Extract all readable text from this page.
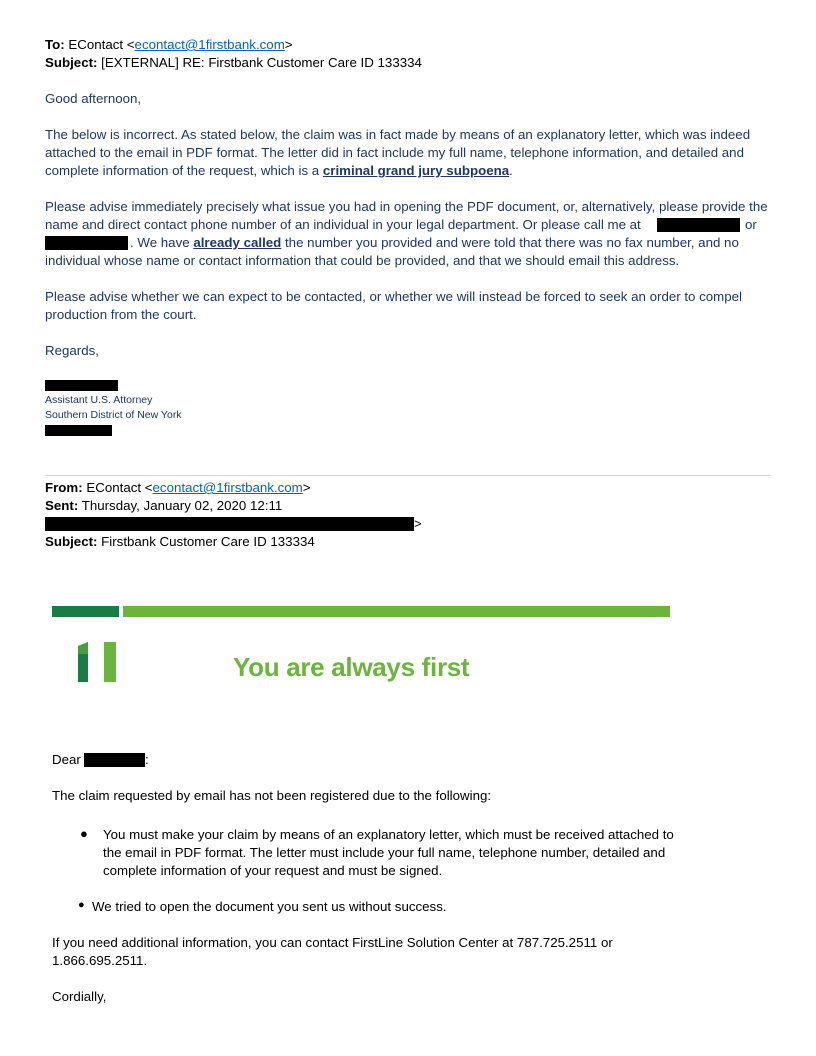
To: EContact <econtact@1firstbank.com>
Subject: [EXTERNAL] RE: Firstbank Customer Care ID 133334
Good afternoon,
The below is incorrect. As stated below, the claim was in fact made by means of an explanatory letter, which was indeed
attached to the email in PDF format. The letter did in fact include my full name, telephone information, and detailed and
complete information of the request, which is a criminal grand jury subpoena.
Please advise immediately precisely what issue you had in opening the PDF document, or, alternatively, please provide the
name and direct contact phone number of an individual in your legal department. Or please call me at	or
. We have already called the number you provided and were told that there was no fax number, and no
individual whose name or contact information that could be provided, and that we should email this address.
Please advise whether we can expect to be contacted, or whether we will instead be forced to seek an order to compel
production from the court.
Regards,
Assistant U.S. Attorney
Southern District of New York
From: EContact <econtact@1firstbank.com>
Sent: Thursday, January 02, 2020 12:11
>
Subject: Firstbank Customer Care ID 133334
You are always first
Dear	:
The claim requested by email has not been registered due to the following:
● You must make your claim by means of an explanatory letter, which must be received attached to
the email in PDF format. The letter must include your full name, telephone number, detailed and
complete information of your request and must be signed.
● We tried to open the document you sent us without success.
If you need additional information, you can contact FirstLine Solution Center at 787.725.2511 or
1.866.695.2511.
Cordially,
